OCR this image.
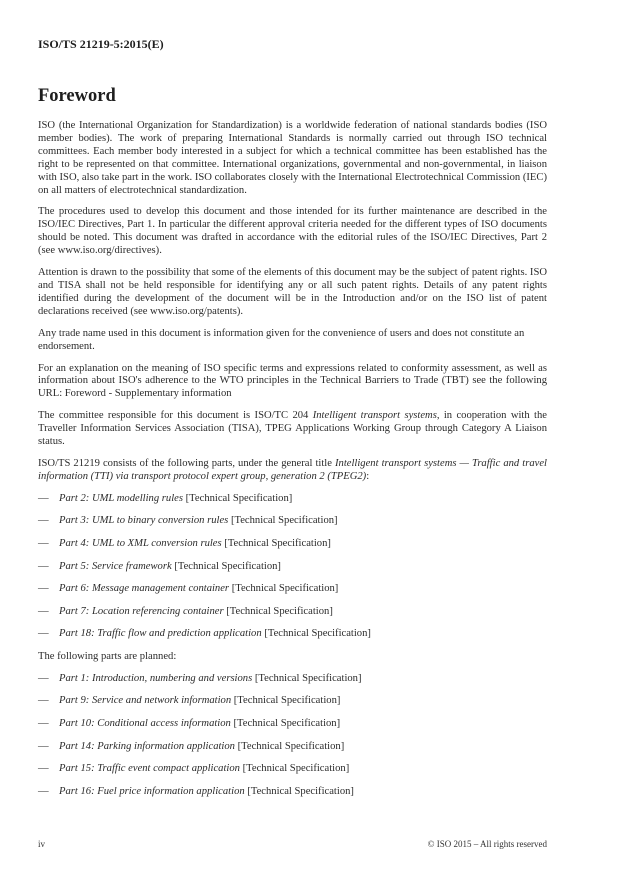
ISO/TS 21219-5:2015(E)
Foreword

ISO (the International Organization for Standardization) is a worldwide federation of national standards bodies (ISO member bodies). The work of preparing International Standards is normally carried out through ISO technical committees. Each member body interested in a subject for which a technical committee has been established has the right to be represented on that committee. International organizations, governmental and non-governmental, in liaison with ISO, also take part in the work. ISO collaborates closely with the International Electrotechnical Commission (IEC) on all matters of electrotechnical standardization.

The procedures used to develop this document and those intended for its further maintenance are described in the ISO/IEC Directives, Part 1. In particular the different approval criteria needed for the different types of ISO documents should be noted. This document was drafted in accordance with the editorial rules of the ISO/IEC Directives, Part 2 (see www.iso.org/directives).

Attention is drawn to the possibility that some of the elements of this document may be the subject of patent rights. ISO and TISA shall not be held responsible for identifying any or all such patent rights. Details of any patent rights identified during the development of the document will be in the Introduction and/or on the ISO list of patent declarations received (see www.iso.org/patents).

Any trade name used in this document is information given for the convenience of users and does not constitute an endorsement.

For an explanation on the meaning of ISO specific terms and expressions related to conformity assessment, as well as information about ISO's adherence to the WTO principles in the Technical Barriers to Trade (TBT) see the following URL: Foreword - Supplementary information

The committee responsible for this document is ISO/TC 204 Intelligent transport systems, in cooperation with the Traveller Information Services Association (TISA), TPEG Applications Working Group through Category A Liaison status.

ISO/TS 21219 consists of the following parts, under the general title Intelligent transport systems — Traffic and travel information (TTI) via transport protocol expert group, generation 2 (TPEG2):

— Part 2: UML modelling rules [Technical Specification]
— Part 3: UML to binary conversion rules [Technical Specification]
— Part 4: UML to XML conversion rules [Technical Specification]
— Part 5: Service framework [Technical Specification]
— Part 6: Message management container [Technical Specification]
— Part 7: Location referencing container [Technical Specification]
— Part 18: Traffic flow and prediction application [Technical Specification]

The following parts are planned:

— Part 1: Introduction, numbering and versions [Technical Specification]
— Part 9: Service and network information [Technical Specification]
— Part 10: Conditional access information [Technical Specification]
— Part 14: Parking information application [Technical Specification]
— Part 15: Traffic event compact application [Technical Specification]
— Part 16: Fuel price information application [Technical Specification]
iv	© ISO 2015 – All rights reserved
